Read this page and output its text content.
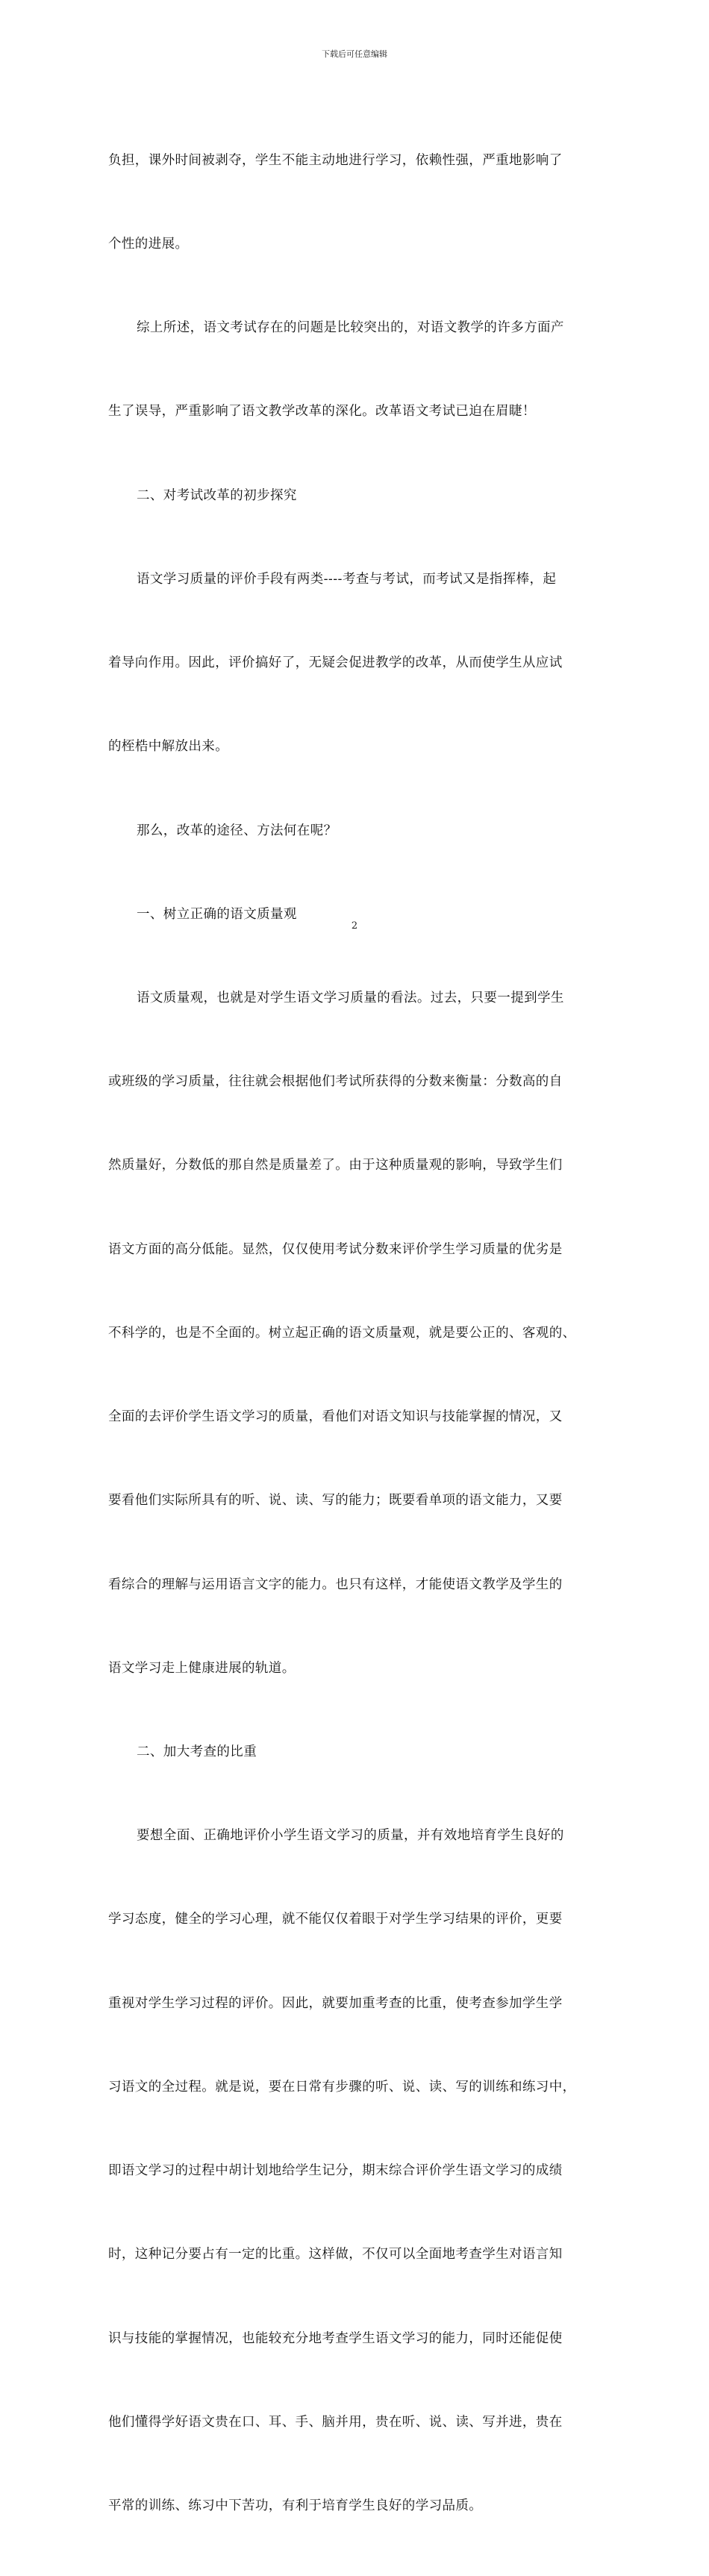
下载后可任意编辑

负担，课外时间被剥夺，学生不能主动地进行学习，依赖性强，严重地影响了

个性的进展。

综上所述，语文考试存在的问题是比较突出的，对语文教学的许多方面产

生了误导，严重影响了语文教学改革的深化。改革语文考试已迫在眉睫！

二、对考试改革的初步探究

语文学习质量的评价手段有两类----考查与考试，而考试又是指挥棒，起

着导向作用。因此，评价搞好了，无疑会促进教学的改革，从而使学生从应试

的桎梏中解放出来。

那么，改革的途径、方法何在呢？

一、树立正确的语文质量观

语文质量观，也就是对学生语文学习质量的看法。过去，只要一提到学生

或班级的学习质量，往往就会根据他们考试所获得的分数来衡量：分数高的自

然质量好，分数低的那自然是质量差了。由于这种质量观的影响，导致学生们

语文方面的高分低能。显然，仅仅使用考试分数来评价学生学习质量的优劣是

不科学的，也是不全面的。树立起正确的语文质量观，就是要公正的、客观的、

全面的去评价学生语文学习的质量，看他们对语文知识与技能掌握的情况，又

要看他们实际所具有的听、说、读、写的能力；既要看单项的语文能力，又要

看综合的理解与运用语言文字的能力。也只有这样，才能使语文教学及学生的

语文学习走上健康进展的轨道。

二、加大考查的比重

要想全面、正确地评价小学生语文学习的质量，并有效地培育学生良好的

学习态度，健全的学习心理，就不能仅仅着眼于对学生学习结果的评价，更要

重视对学生学习过程的评价。因此，就要加重考查的比重，使考查参加学生学

习语文的全过程。就是说，要在日常有步骤的听、说、读、写的训练和练习中，

即语文学习的过程中胡计划地给学生记分，期末综合评价学生语文学习的成绩

时，这种记分要占有一定的比重。这样做，不仅可以全面地考查学生对语言知

识与技能的掌握情况，也能较充分地考查学生语文学习的能力，同时还能促使

他们懂得学好语文贵在口、耳、手、脑并用，贵在听、说、读、写并进，贵在

平常的训练、练习中下苦功，有利于培育学生良好的学习品质。

2
